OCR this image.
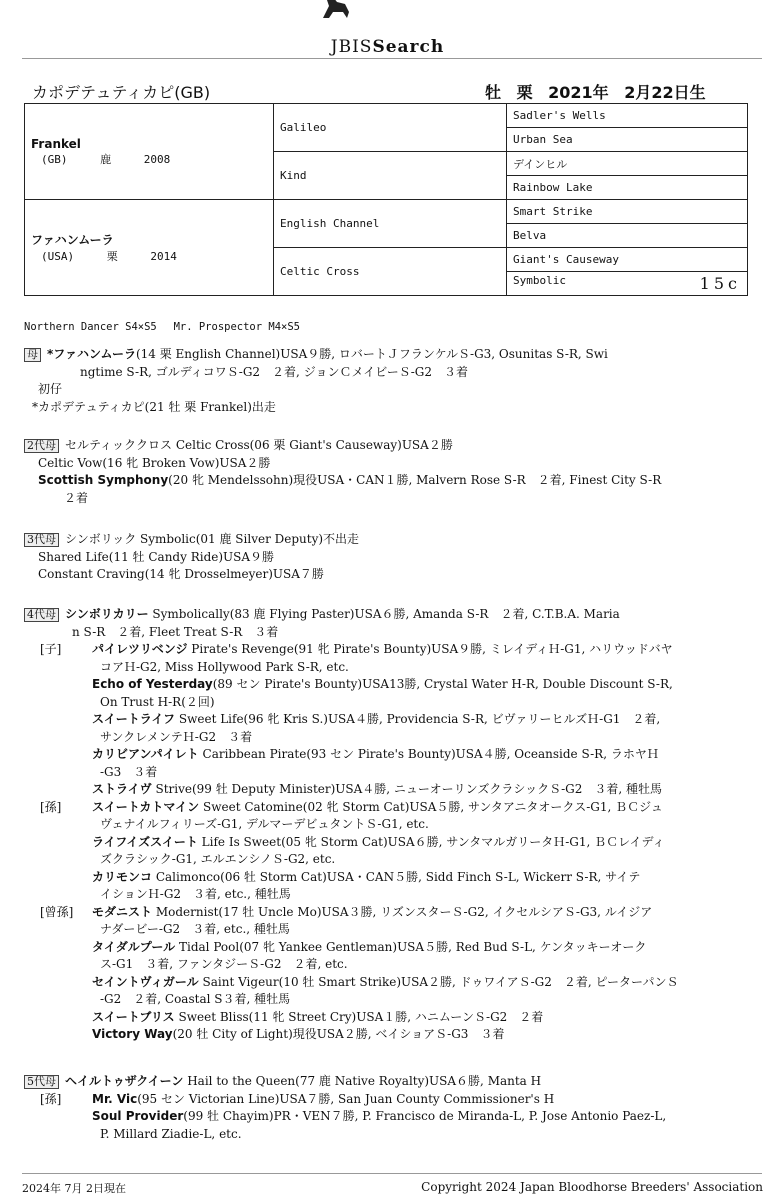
JBISSearch
カポデテュティカピ(GB)	牡 栗 2021年 2月22日生
Frankel
(GB) 鹿 2008	Galileo	Sadler's Wells
		Urban Sea
	Kind	デインヒル
		Rainbow Lake

ファハンムーラ
(USA) 栗 2014	English Channel	Smart Strike
		Belva
	Celtic Cross	Giant's Causeway
		Symbolic 15c
Northern Dancer S4×S5　 Mr. Prospector M4×S5
母 *ファハンムーラ(14 栗 English Channel)USA９勝, ロバートＪフランケルＳ-G3, Osunitas S-R, Swi
ngtime S-R, ゴルディコワＳ-G2　２着, ジョンＣメイビーＳ-G2　３着
初仔
*カポデテュティカピ(21 牡 栗 Frankel)出走
2代母 セルティッククロス Celtic Cross(06 栗 Giant's Causeway)USA２勝
Celtic Vow(16 牝 Broken Vow)USA２勝
Scottish Symphony(20 牝 Mendelssohn)現役USA・CAN１勝, Malvern Rose S-R　２着, Finest City S-R
２着
3代母 シンボリック Symbolic(01 鹿 Silver Deputy)不出走
Shared Life(11 牡 Candy Ride)USA９勝
Constant Craving(14 牝 Drosselmeyer)USA７勝
4代母 シンボリカリー Symbolically(83 鹿 Flying Paster)USA６勝, Amanda S-R　２着, C.T.B.A. Maria
n S-R　２着, Fleet Treat S-R　３着
[子]	パイレツリベンジ Pirate's Revenge(91 牝 Pirate's Bounty)USA９勝, ミレイディＨ-G1, ハリウッドバヤ
コアＨ-G2, Miss Hollywood Park S-R, etc.
Echo of Yesterday(89 セン Pirate's Bounty)USA13勝, Crystal Water H-R, Double Discount S-R,
On Trust H-R(２回)
スイートライフ Sweet Life(96 牝 Kris S.)USA４勝, Providencia S-R, ビヴァリーヒルズＨ-G1　２着,
サンクレメンテＨ-G2　３着
カリビアンパイレト Caribbean Pirate(93 セン Pirate's Bounty)USA４勝, Oceanside S-R, ラホヤＨ
-G3　３着
ストライヴ Strive(99 牡 Deputy Minister)USA４勝, ニューオーリンズクラシックＳ-G2　３着, 種牡馬
[孫]	スイートカトマイン Sweet Catomine(02 牝 Storm Cat)USA５勝, サンタアニタオークス-G1, ＢＣジュ
ヴェナイルフィリーズ-G1, デルマーデビュタントＳ-G1, etc.
ライフイズスイート Life Is Sweet(05 牝 Storm Cat)USA６勝, サンタマルガリータＨ-G1, ＢＣレイディ
ズクラシック-G1, エルエンシノＳ-G2, etc.
カリモンコ Calimonco(06 牡 Storm Cat)USA・CAN５勝, Sidd Finch S-L, Wickerr S-R, サイテ
イションＨ-G2　３着, etc., 種牡馬
[曾孫] モダニスト Modernist(17 牡 Uncle Mo)USA３勝, リズンスターＳ-G2, イクセルシアＳ-G3, ルイジア
ナダービー-G2　３着, etc., 種牡馬
タイダルプール Tidal Pool(07 牝 Yankee Gentleman)USA５勝, Red Bud S-L, ケンタッキーオーク
ス-G1　３着, ファンタジーＳ-G2　２着, etc.
セイントヴィガール Saint Vigeur(10 牡 Smart Strike)USA２勝, ドゥワイアＳ-G2　２着, ピーターパンＳ
-G2　２着, Coastal S３着, 種牡馬
スイートブリス Sweet Bliss(11 牝 Street Cry)USA１勝, ハニムーンＳ-G2　２着
Victory Way(20 牡 City of Light)現役USA２勝, ベイショアＳ-G3　３着
5代母 ヘイルトゥザクイーン Hail to the Queen(77 鹿 Native Royalty)USA６勝, Manta H
[孫]	Mr. Vic(95 セン Victorian Line)USA７勝, San Juan County Commissioner's H
Soul Provider(99 牡 Chayim)PR・VEN７勝, P. Francisco de Miranda-L, P. Jose Antonio Paez-L,
P. Millard Ziadie-L, etc.
2024年 7月 2日現在	Copyright 2024 Japan Bloodhorse Breeders' Association
